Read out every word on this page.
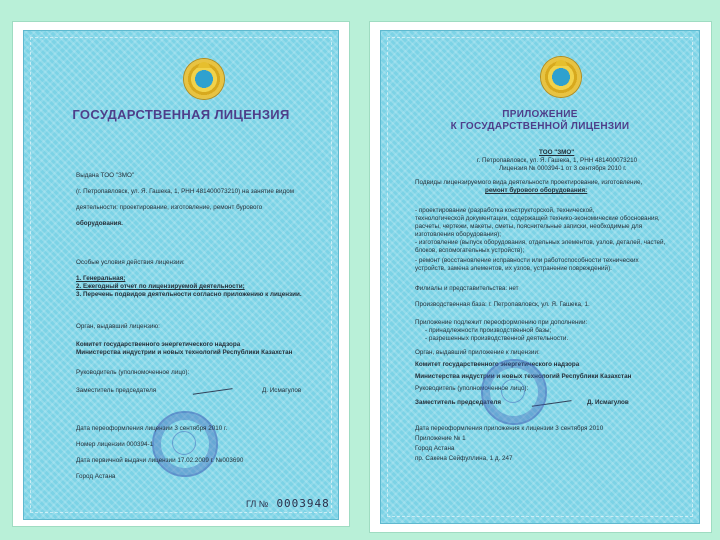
ГОСУДАРСТВЕННАЯ ЛИЦЕНЗИЯ
Выдана ТОО "ЗМО"
(г. Петропавловск, ул. Я. Гашека, 1, РНН 481400073210) на занятие видом
деятельности: проектирование, изготовление, ремонт бурового
оборудования.
Особые условия действия лицензии:
1. Генеральная;
2. Ежегодный отчет по лицензируемой деятельности;
3. Перечень подвидов деятельности согласно приложению к лицензии.
Орган, выдавший лицензию:
Комитет государственного энергетического надзора
Министерства индустрии и новых технологий Республики Казахстан
Руководитель (уполномоченное лицо):
Заместитель председателя	Д. Исмагулов
Дата переоформления лицензии 3 сентября 2010 г.
Номер лицензии 000394-1
Дата первичной выдачи лицензии 17.02.2009 г. №003690
Город Астана
ГЛ № 0003948
ПРИЛОЖЕНИЕ
К ГОСУДАРСТВЕННОЙ ЛИЦЕНЗИИ
ТОО "ЗМО"
г. Петропавловск, ул. Я. Гашека, 1, РНН 481400073210
Лицензия № 000394-1 от 3 сентября 2010 г.
Подвиды лицензируемого вида деятельности проектирование, изготовление,
ремонт бурового оборудования:
- проектирование (разработка конструкторской, технической,
технологической документации, содержащей технико-экономические обоснования,
расчеты, чертежи, макеты, сметы, пояснительные записки, необходимые для
изготовления оборудования);
- изготовление (выпуск оборудования, отдельных элементов, узлов, деталей, частей,
блоков, вспомогательных устройств);
- ремонт (восстановление исправности или работоспособности технических
устройств, замена элементов, их узлов, устранение повреждений).
Филиалы и представительства: нет
Производственная база: г. Петропавловск, ул. Я. Гашека, 1.
Приложение подлежит переоформлению при дополнении:
- принадлежности производственной базы;
- разрешенных производственной деятельности.
Орган, выдавший приложение к лицензии:
Комитет государственного энергетического надзора
Министерства индустрии и новых технологий Республики Казахстан
Руководитель (уполномоченное лицо):
Заместитель председателя	Д. Исмагулов
Дата переоформления приложения к лицензии 3 сентября 2010
Приложение № 1
Город Астана
пр. Сакена Сейфуллина, 1 д. 247
